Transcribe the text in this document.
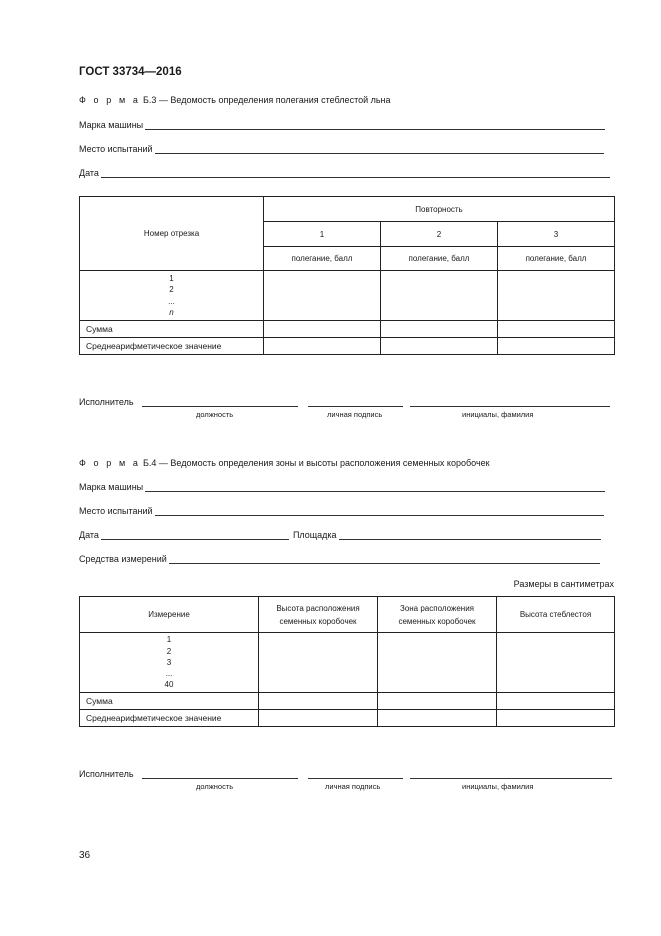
ГОСТ 33734—2016
Ф о р м а Б.3 — Ведомость определения полегания стеблестой льна
Марка машины
Место испытаний
Дата
Номер отрезка	Повторность		
	1	2	3
	полегание, балл	полегание, балл	полегание, балл

1
2
...
n			

Сумма			
Среднеарифметическое значение			
Исполнитель
должность	личная подпись	инициалы, фамилия
Ф о р м а Б.4 — Ведомость определения зоны и высоты расположения семенных коробочек
Марка машины
Место испытаний
Дата	Площадка
Средства измерений
Размеры в сантиметрах
Измерение	Высота расположения семенных коробочек	Зона расположения семенных коробочек	Высота стеблестоя

1
2
3
...
40			

Сумма			
Среднеарифметическое значение			
Исполнитель
должность	личная подпись	инициалы, фамилия
36
